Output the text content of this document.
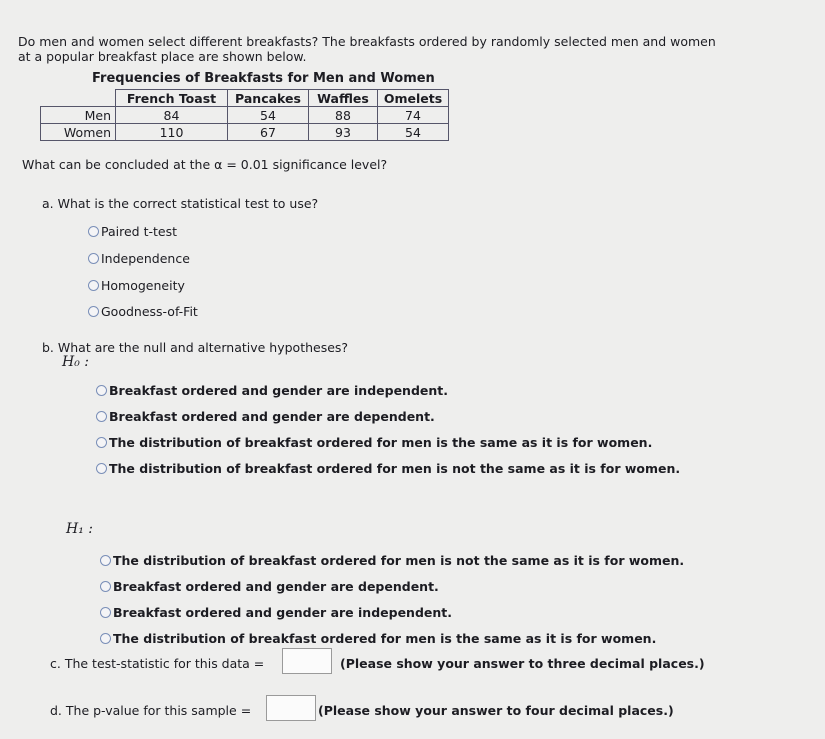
Do men and women select different breakfasts? The breakfasts ordered by randomly selected men and women
at a popular breakfast place are shown below.
Frequencies of Breakfasts for Men and Women
	French Toast	Pancakes	Waffles	Omelets
Men	84	54	88	74
Women	110	67	93	54
What can be concluded at the α = 0.01 significance level?
a. What is the correct statistical test to use?
Paired t-test
Independence
Homogeneity
Goodness-of-Fit
b. What are the null and alternative hypotheses?
H₀ :
Breakfast ordered and gender are independent.
Breakfast ordered and gender are dependent.
The distribution of breakfast ordered for men is the same as it is for women.
The distribution of breakfast ordered for men is not the same as it is for women.
H₁ :
The distribution of breakfast ordered for men is not the same as it is for women.
Breakfast ordered and gender are dependent.
Breakfast ordered and gender are independent.
The distribution of breakfast ordered for men is the same as it is for women.
c. The test-statistic for this data =	(Please show your answer to three decimal places.)
d. The p-value for this sample =	(Please show your answer to four decimal places.)
